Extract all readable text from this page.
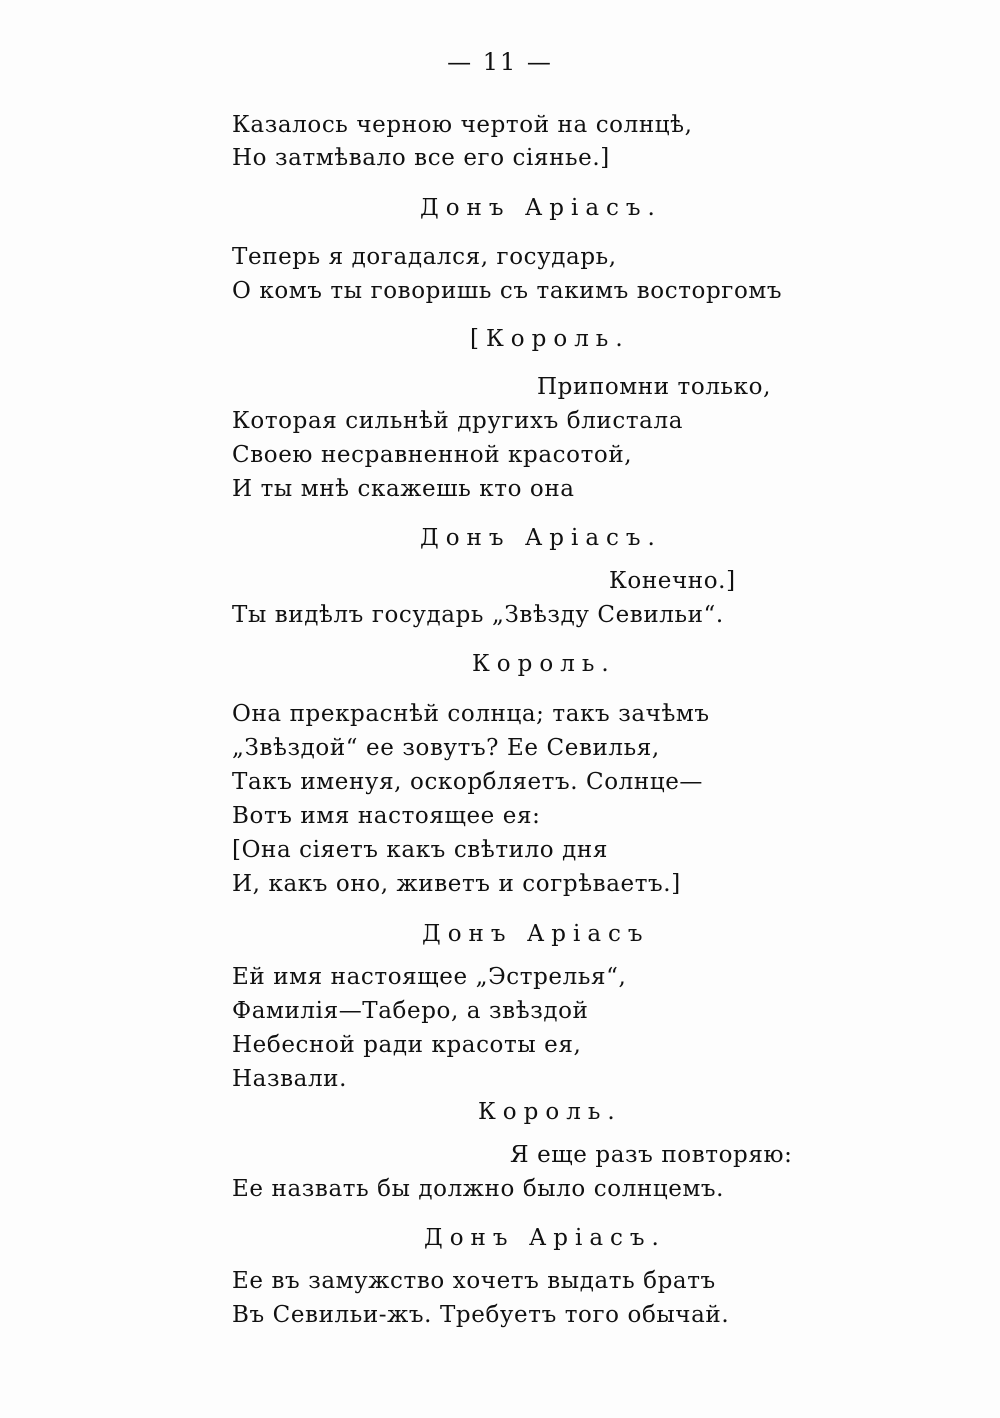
— 11 —
Казалось черною чертой на солнцѣ,
Но затмѣвало все его сіянье.]
Донъ Арiасъ.
Теперь я догадался, государь,
О комъ ты говоришь съ такимъ восторгомъ
[Король.
Припомни только,
Которая сильнѣй другихъ блистала
Своею несравненной красотой,
И ты мнѣ скажешь кто она
Донъ Арiасъ.
Конечно.]
Ты видѣлъ государь „Звѣзду Севильи“.
Король.
Она прекраснѣй солнца; такъ зачѣмъ
„Звѣздой“ ее зовутъ? Ее Севилья,
Такъ именуя, оскорбляетъ. Солнце—
Вотъ имя настоящее ея:
[Она сіяетъ какъ свѣтило дня
И, какъ оно, живетъ и согрѣваетъ.]
Донъ Арiасъ
Ей имя настоящее „Эстрелья“,
Фамилія—Таберо, а звѣздой
Небесной ради красоты ея,
Назвали.
Король.
Я еще разъ повторяю:
Ее назвать бы должно было солнцемъ.
Донъ Арiасъ.
Ее въ замужство хочетъ выдать братъ
Въ Севильи-жъ. Требуетъ того обычай.
